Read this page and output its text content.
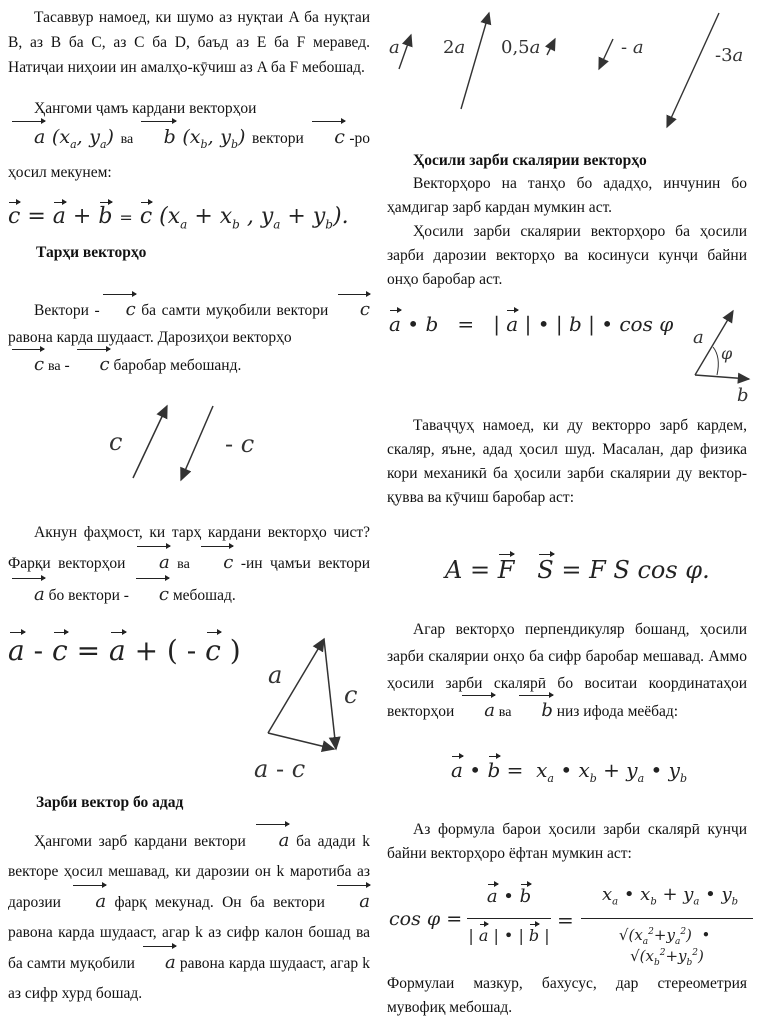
Тасаввур намоед, ки шумо аз нуқтаи A ба нуқтаи B, аз B ба C, аз C ба D, баъд аз E ба F меравед. Натиҷаи ниҳоии ин амалҳо-кӯчиш аз A ба F мебошад.

Ҳангоми ҷамъ кардани векторҳои
a ($x_a$, $y_a$) ва b ($x_b$, $y_b$) вектори c -ро ҳосил мекунем:
c = a + b = c ($x_a + x_b$ , $y_a + y_b$).
Тарҳи векторҳо
Вектори - c ба самти муқобили вектори c равона карда шудааст. Дарозиҳои векторҳо
c ва - c баробар мебошанд.
c	- c
Акнун фаҳмост, ки тарҳ кардани векторҳо чист? Фарқи векторҳои a ва c -ин ҷамъи вектори a бо вектори - c мебошад.
a - c = a + ( - c )
a
c
a - c
Зарби вектор бо адад
Ҳангоми зарб кардани вектори a ба адади k векторе ҳосил мешавад, ки дарозии он k маротиба аз дарозии a фарқ мекунад. Он ба вектори a равона карда шудааст, агар k аз сифр калон бошад ва ба самти муқобили a равона карда шудааст, агар k аз сифр хурд бошад.
a 2a 0,5a	- a	-3a
Ҳосили зарби скалярии векторҳо

Векторҳоро на танҳо бо ададҳо, инчунин бо ҳамдигар зарб кардан мумкин аст.

Ҳосили зарби скалярии векторҳоро ба ҳосили зарби дарозии векторҳо ва косинуси кунҷи байни онҳо баробар аст.

a • b = | a | • | b | • cos φ
a
φ
b

Таваҷҷуҳ намоед, ки ду векторро зарб кардем, скаляр, яъне, адад ҳосил шуд. Масалан, дар физика кори механикӣ ба ҳосили зарби скалярии ду вектор-қувва ва кӯчиш баробар аст:

A = F S = F S cos φ.
Агар векторҳо перпендикуляр бошанд, ҳосили зарби скалярии онҳо ба сифр баробар мешавад. Аммо ҳосили зарби скалярӣ бо воситаи координатаҳои векторҳои a ва b низ ифода меёбад:
a • $b = x_a$ • $x_b + y_a$ • $y_b$

Аз формула барои ҳосили зарби скалярӣ кунҷи байни векторҳоро ёфтан мумкин аст:

cos φ =
a • b
| a | • | b |
=
$x_a$ • $x_b + y_a$ • $y_b$
$√(x_a^2+y_a^2)$  •  $√(x_b^2+y_b^2)$

Формулаи мазкур, бахусус, дар стереометрия мувофиқ мебошад.
